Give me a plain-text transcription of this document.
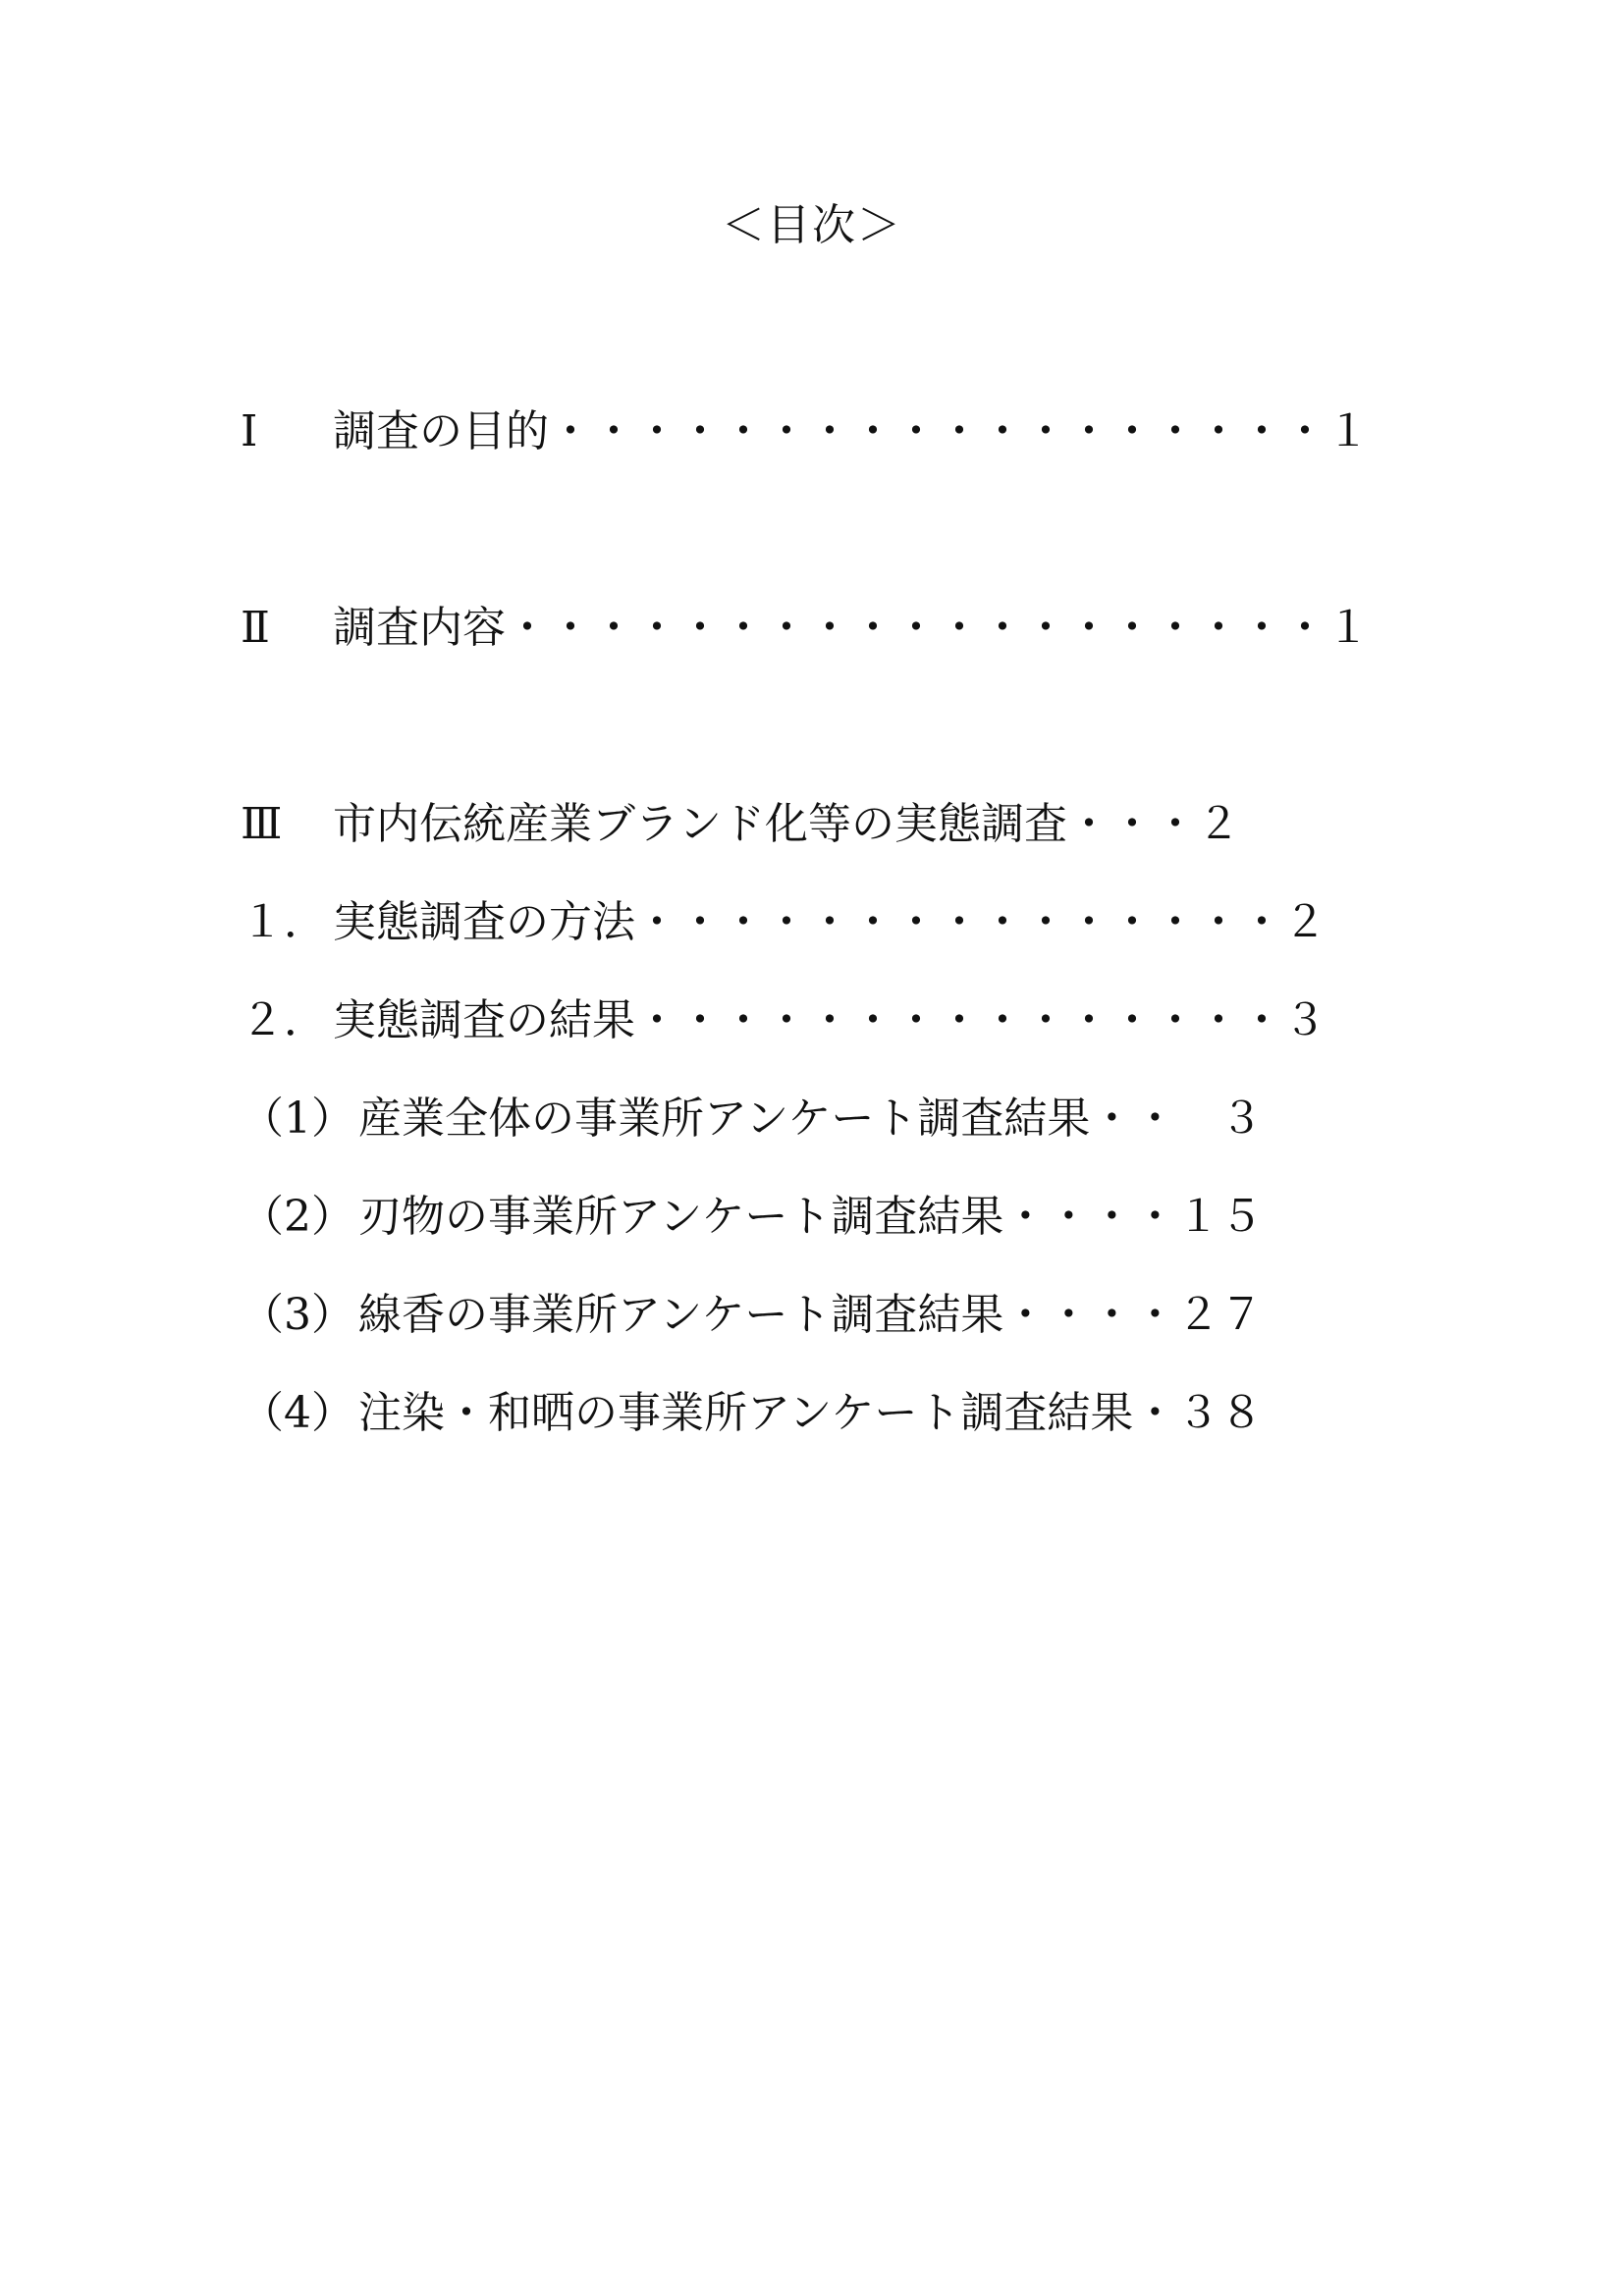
＜目次＞
Ⅰ 調査の目的・・・・・・・・・・・・・・・・・・１
Ⅱ 調査内容・・・・・・・・・・・・・・・・・・・１
Ⅲ 市内伝統産業ブランド化等の実態調査・・・２
１． 実態調査の方法・・・・・・・・・・・・・・・２
２． 実態調査の結果・・・・・・・・・・・・・・・３
（1） 産業全体の事業所アンケート調査結果・・　３
（2） 刃物の事業所アンケート調査結果・・・・１５
（3） 線香の事業所アンケート調査結果・・・・２７
（4） 注染・和晒の事業所アンケート調査結果・３８
